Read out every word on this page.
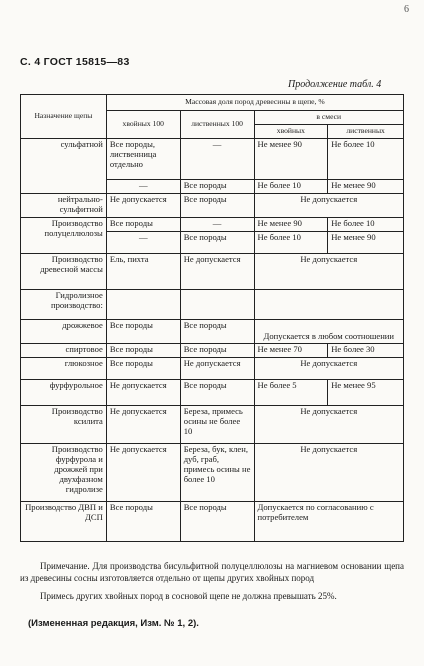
6
С. 4 ГОСТ 15815—83
Продолжение табл. 4
Назначение щепы	Массовая доля пород древесины в щепе, %			
	хвойных 100	лиственных 100	в смеси	
			хвойных	лиственных
сульфатной	Все породы, лиственница отдельно	—	Не менее 90	Не более 10
	—	Все породы	Не более 10	Не менее 90
нейтрально-сульфитной	Не допускается	Все породы	Не допускается	
Производство полуцеллюлозы	Все породы	—	Не менее 90	Не более 10
	—	Все породы	Не более 10	Не менее 90
Производство древесной массы	Ель, пихта	Не допускается	Не допускается	
Гидролизное производство:				
дрожжевое	Все породы	Все породы	Допускается в любом соотношении	
спиртовое	Все породы	Все породы	Не менее 70	Не более 30
глюкозное	Все породы	Не допускается	Не допускается	
фурфурольное	Не допускается	Все породы	Не более 5	Не менее 95
Производство ксилита	Не допускается	Береза, примесь осины не более 10	Не допускается	
Производство фурфурола и дрожжей при двухфазном гидролизе	Не допускается	Береза, бук, клен, дуб, граб, примесь осины не более 10	Не допускается	
Производство ДВП и ДСП	Все породы	Все породы	Допускается по согласованию с потребителем	
Примечание. Для производства бисульфитной полуцеллюлозы на магниевом основании щепа из древесины сосны изготовляется отдельно от щепы других хвойных пород
Примесь других хвойных пород в сосновой щепе не должна превышать 25%.
(Измененная редакция, Изм. № 1, 2).
